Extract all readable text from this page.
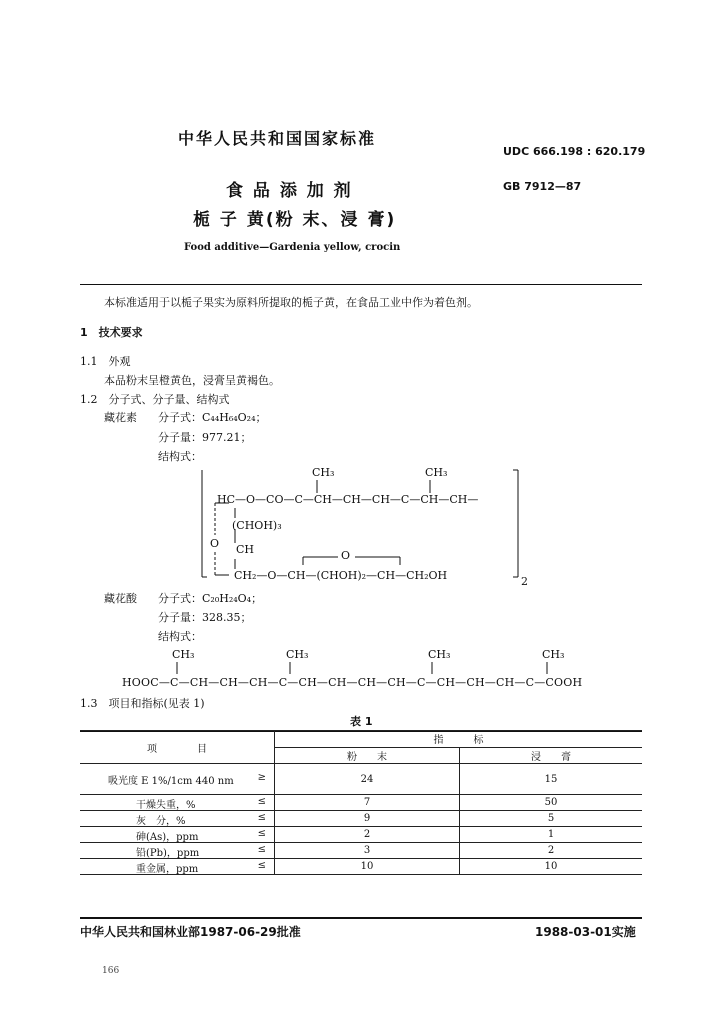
中华人民共和国国家标准
UDC 666.198 : 620.179
食 品 添 加 剂	GB 7912—87
栀 子 黄(粉 末、浸 膏)
Food additive—Gardenia yellow, crocin
本标准适用于以栀子果实为原料所提取的栀子黄，在食品工业中作为着色剂。
1　技术要求
1.1　外观
本品粉末呈橙黄色，浸膏呈黄褐色。
1.2　分子式、分子量、结构式
藏花素 分子式：C₄₄H₆₄O₂₄；
分子量：977.21；
结构式：
CH₃	CH₃
HC—O—CO—C—CH—CH—CH—C—CH—CH—
(CHOH)₃
O CH	O
CH₂—O—CH—(CHOH)₂—CH—CH₂OH	2
藏花酸 分子式：C₂₀H₂₄O₄；
分子量：328.35；
结构式：
CH₃	CH₃	CH₃	CH₃
HOOC—C—CH—CH—CH—C—CH—CH—CH—CH—C—CH—CH—CH—C—COOH
1.3　项目和指标(见表 1)
表 1
项　　　　目	指　　　标	
	粉　　末	浸　　膏

吸光度 E 1%/1cm 440 nm ≥	24	15

干燥失重，% ≤	7	50

灰　分，% ≤	9	5

砷(As)，ppm ≤	2	1

铅(Pb)，ppm ≤	3	2

重金属，ppm ≤	10	10
中华人民共和国林业部1987-06-29批准	1988-03-01实施
166
